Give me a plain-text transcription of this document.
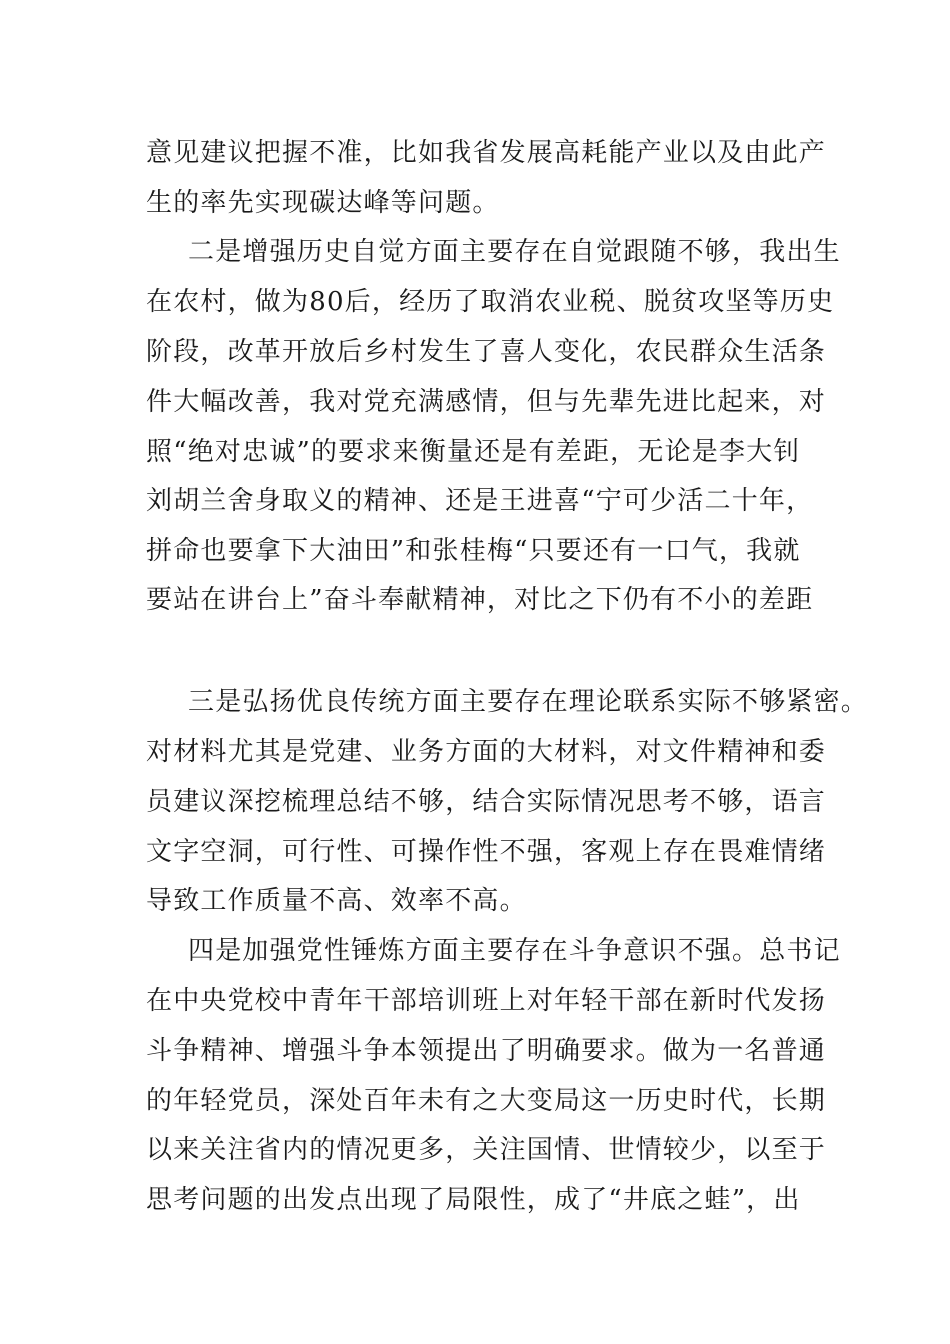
意见建议把握不准，比如我省发展高耗能产业以及由此产
生的率先实现碳达峰等问题。
二是增强历史自觉方面主要存在自觉跟随不够，我出生
在农村，做为80后，经历了取消农业税、脱贫攻坚等历史
阶段，改革开放后乡村发生了喜人变化，农民群众生活条
件大幅改善，我对党充满感情，但与先辈先进比起来，对
照“绝对忠诚”的要求来衡量还是有差距，无论是李大钊
刘胡兰舍身取义的精神、还是王进喜“宁可少活二十年，
拼命也要拿下大油田”和张桂梅“只要还有一口气，我就
要站在讲台上”奋斗奉献精神，对比之下仍有不小的差距
三是弘扬优良传统方面主要存在理论联系实际不够紧密。
对材料尤其是党建、业务方面的大材料，对文件精神和委
员建议深挖梳理总结不够，结合实际情况思考不够，语言
文字空洞，可行性、可操作性不强，客观上存在畏难情绪
导致工作质量不高、效率不高。
四是加强党性锤炼方面主要存在斗争意识不强。总书记
在中央党校中青年干部培训班上对年轻干部在新时代发扬
斗争精神、增强斗争本领提出了明确要求。做为一名普通
的年轻党员，深处百年未有之大变局这一历史时代，长期
以来关注省内的情况更多，关注国情、世情较少，以至于
思考问题的出发点出现了局限性，成了“井底之蛙”，出
